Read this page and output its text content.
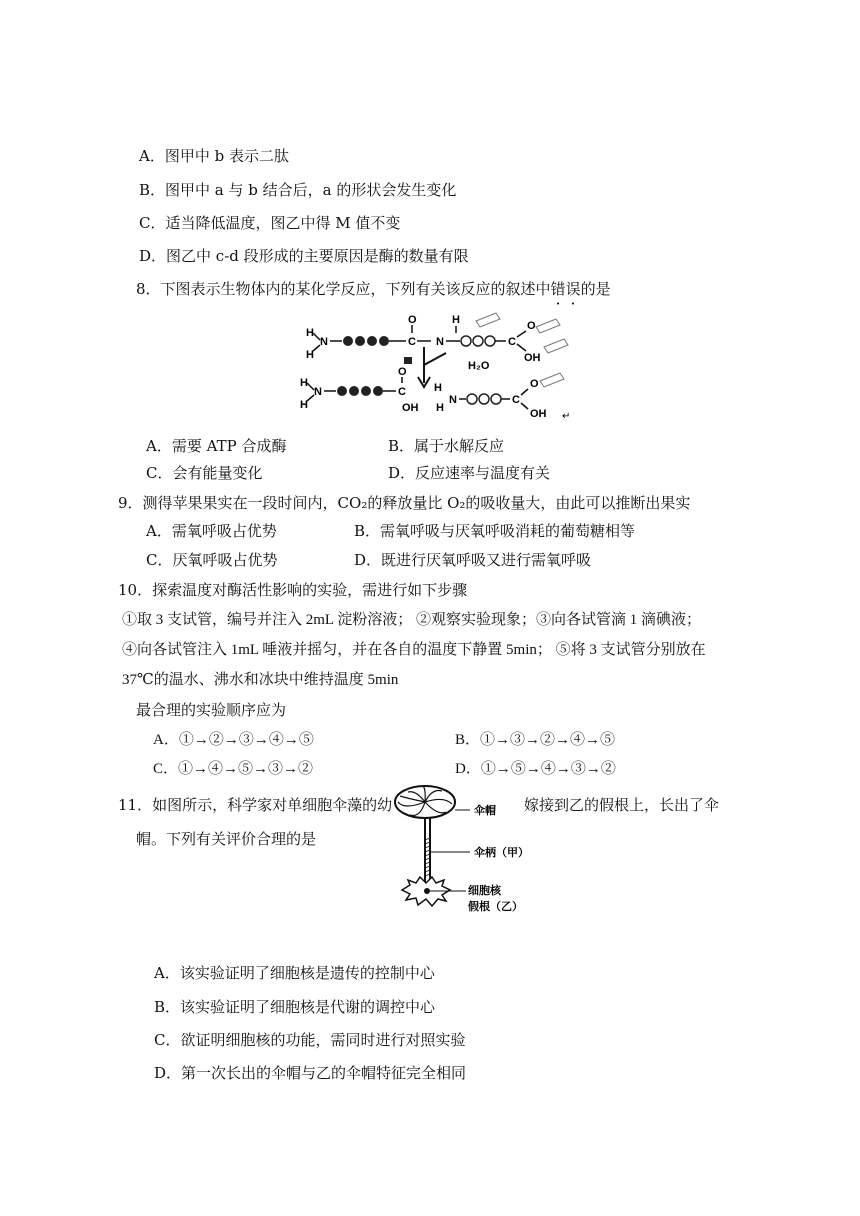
A．图甲中 b 表示二肽
B．图甲中 a 与 b 结合后，a 的形状会发生变化
C．适当降低温度，图乙中得 M 值不变
D．图乙中 c-d 段形成的主要原因是酶的数量有限
8．下图表示生物体内的某化学反应，下列有关该反应的叙述中错误的是
H
N
H
C
O	H
N	C
O
OH
H₂O
H
N
H
C
O
OH H
H
N	C
O
OH ↵
A．需要 ATP 合成酶	B．属于水解反应
C．会有能量变化	D．反应速率与温度有关
9．测得苹果果实在一段时间内，CO₂的释放量比 O₂的吸收量大，由此可以推断出果实
A．需氧呼吸占优势	B．需氧呼吸与厌氧呼吸消耗的葡萄糖相等
C．厌氧呼吸占优势	D．既进行厌氧呼吸又进行需氧呼吸
10．探索温度对酶活性影响的实验，需进行如下步骤
①取 3 支试管，编号并注入 2mL 淀粉溶液； ②观察实验现象；③向各试管滴 1 滴碘液；
④向各试管注入 1mL 唾液并摇匀，并在各自的温度下静置 5min； ⑤将 3 支试管分别放在
37℃的温水、沸水和冰块中维持温度 5min
最合理的实验顺序应为
A．①→②→③→④→⑤	B．①→③→②→④→⑤
C．①→④→⑤→③→②	D．①→⑤→④→③→②
11．如图所示，科学家对单细胞伞藻的幼	嫁接到乙的假根上，长出了伞
帽。下列有关评价合理的是
伞帽
伞柄（甲）
细胞核
假根（乙）
A．该实验证明了细胞核是遗传的控制中心
B．该实验证明了细胞核是代谢的调控中心
C．欲证明细胞核的功能，需同时进行对照实验
D．第一次长出的伞帽与乙的伞帽特征完全相同
